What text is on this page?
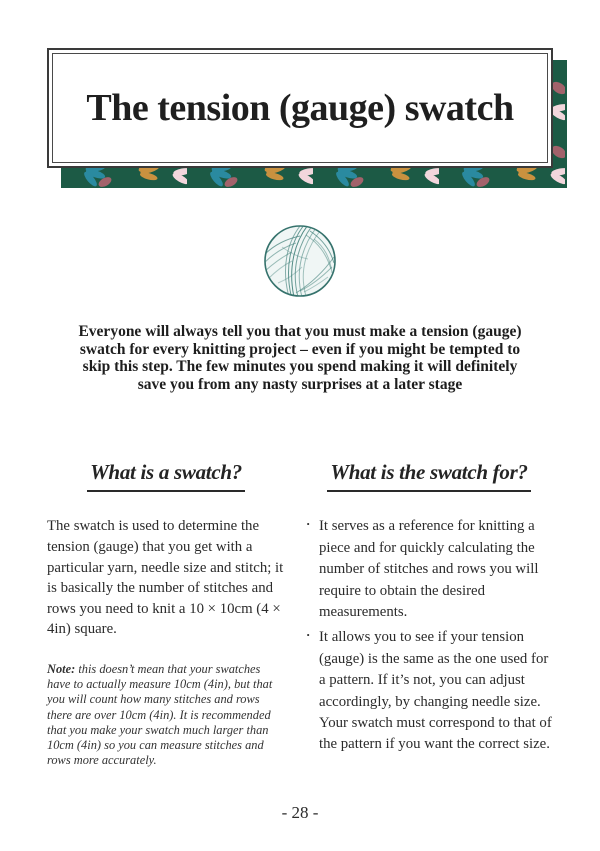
The tension (gauge) swatch

Everyone will always tell you that you must make a tension (gauge) swatch for every knitting project – even if you might be tempted to skip this step. The few minutes you spend making it will definitely save you from any nasty surprises at a later stage

What is a swatch?

The swatch is used to determine the tension (gauge) that you get with a particular yarn, needle size and stitch; it is basically the number of stitches and rows you need to knit a 10 × 10cm (4 × 4in) square.

Note: this doesn’t mean that your swatches have to actually measure 10cm (4in), but that you will count how many stitches and rows there are over 10cm (4in). It is recommended that you make your swatch much larger than 10cm (4in) so you can measure stitches and rows more accurately.

What is the swatch for?
· It serves as a reference for knitting a piece and for quickly calculating the number of stitches and rows you will require to obtain the desired measurements.
· It allows you to see if your tension (gauge) is the same as the one used for a pattern. If it’s not, you can adjust accordingly, by changing needle size. Your swatch must correspond to that of the pattern if you want the correct size.
- 28 -
